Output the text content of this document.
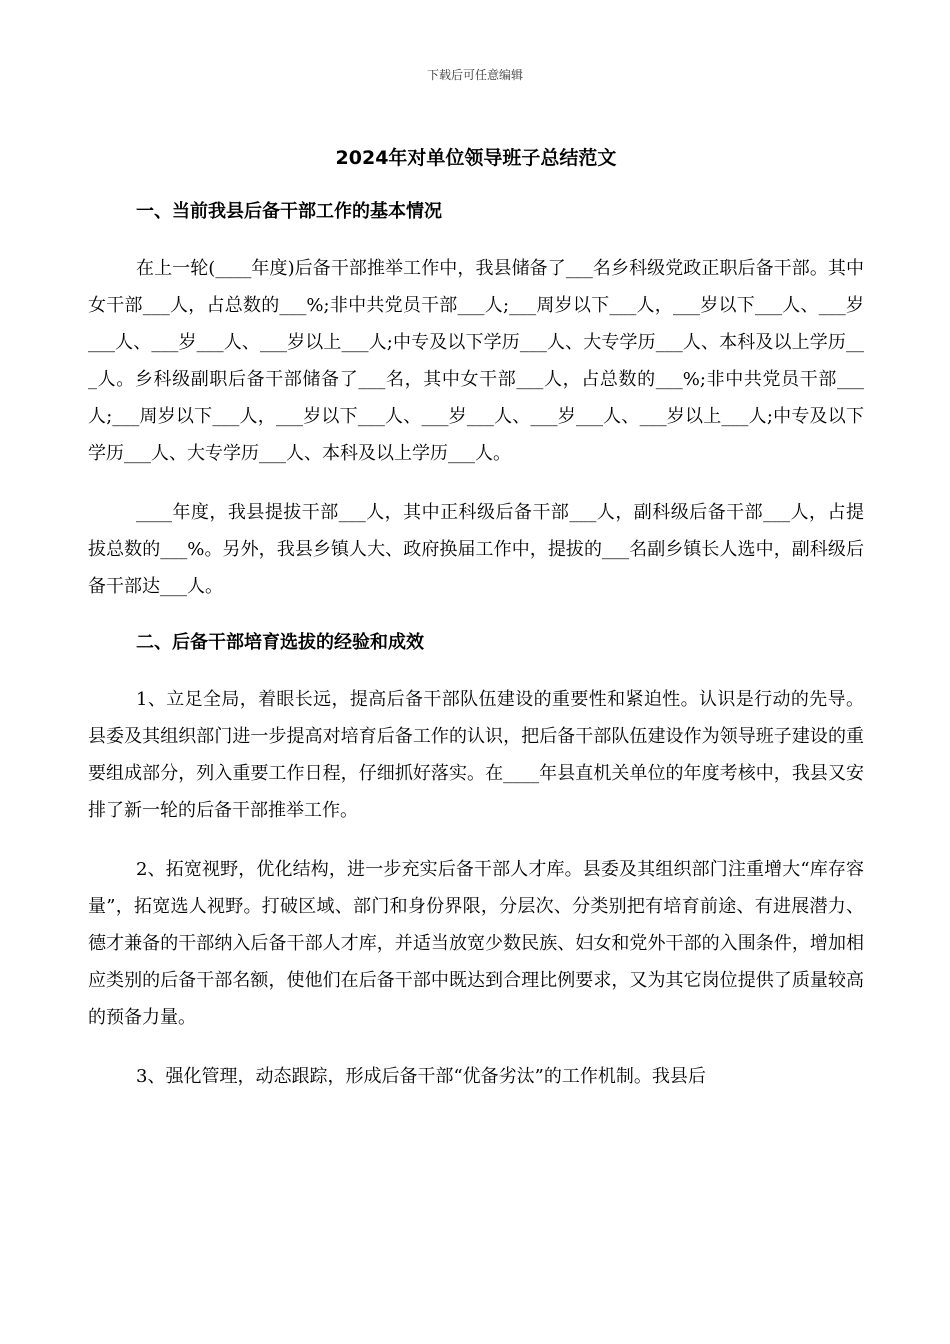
下载后可任意编辑
2024年对单位领导班子总结范文
一、当前我县后备干部工作的基本情况

在上一轮(____年度)后备干部推举工作中，我县储备了___名乡科级党政正职后备干部。其中女干部___人，占总数的___%;非中共党员干部___人;___周岁以下___人，___岁以下___人、___岁___人、___岁___人、___岁以上___人;中专及以下学历___人、大专学历___人、本科及以上学历___人。乡科级副职后备干部储备了___名，其中女干部___人，占总数的___%;非中共党员干部___人;___周岁以下___人，___岁以下___人、___岁___人、___岁___人、___岁以上___人;中专及以下学历___人、大专学历___人、本科及以上学历___人。

____年度，我县提拔干部___人，其中正科级后备干部___人，副科级后备干部___人，占提拔总数的___%。另外，我县乡镇人大、政府换届工作中，提拔的___名副乡镇长人选中，副科级后备干部达___人。

二、后备干部培育选拔的经验和成效

1、立足全局，着眼长远，提高后备干部队伍建设的重要性和紧迫性。认识是行动的先导。县委及其组织部门进一步提高对培育后备工作的认识，把后备干部队伍建设作为领导班子建设的重要组成部分，列入重要工作日程，仔细抓好落实。在____年县直机关单位的年度考核中，我县又安排了新一轮的后备干部推举工作。

2、拓宽视野，优化结构，进一步充实后备干部人才库。县委及其组织部门注重增大“库存容量”，拓宽选人视野。打破区域、部门和身份界限，分层次、分类别把有培育前途、有进展潜力、德才兼备的干部纳入后备干部人才库，并适当放宽少数民族、妇女和党外干部的入围条件，增加相应类别的后备干部名额，使他们在后备干部中既达到合理比例要求，又为其它岗位提供了质量较高的预备力量。

3、强化管理，动态跟踪，形成后备干部“优备劣汰”的工作机制。我县后
